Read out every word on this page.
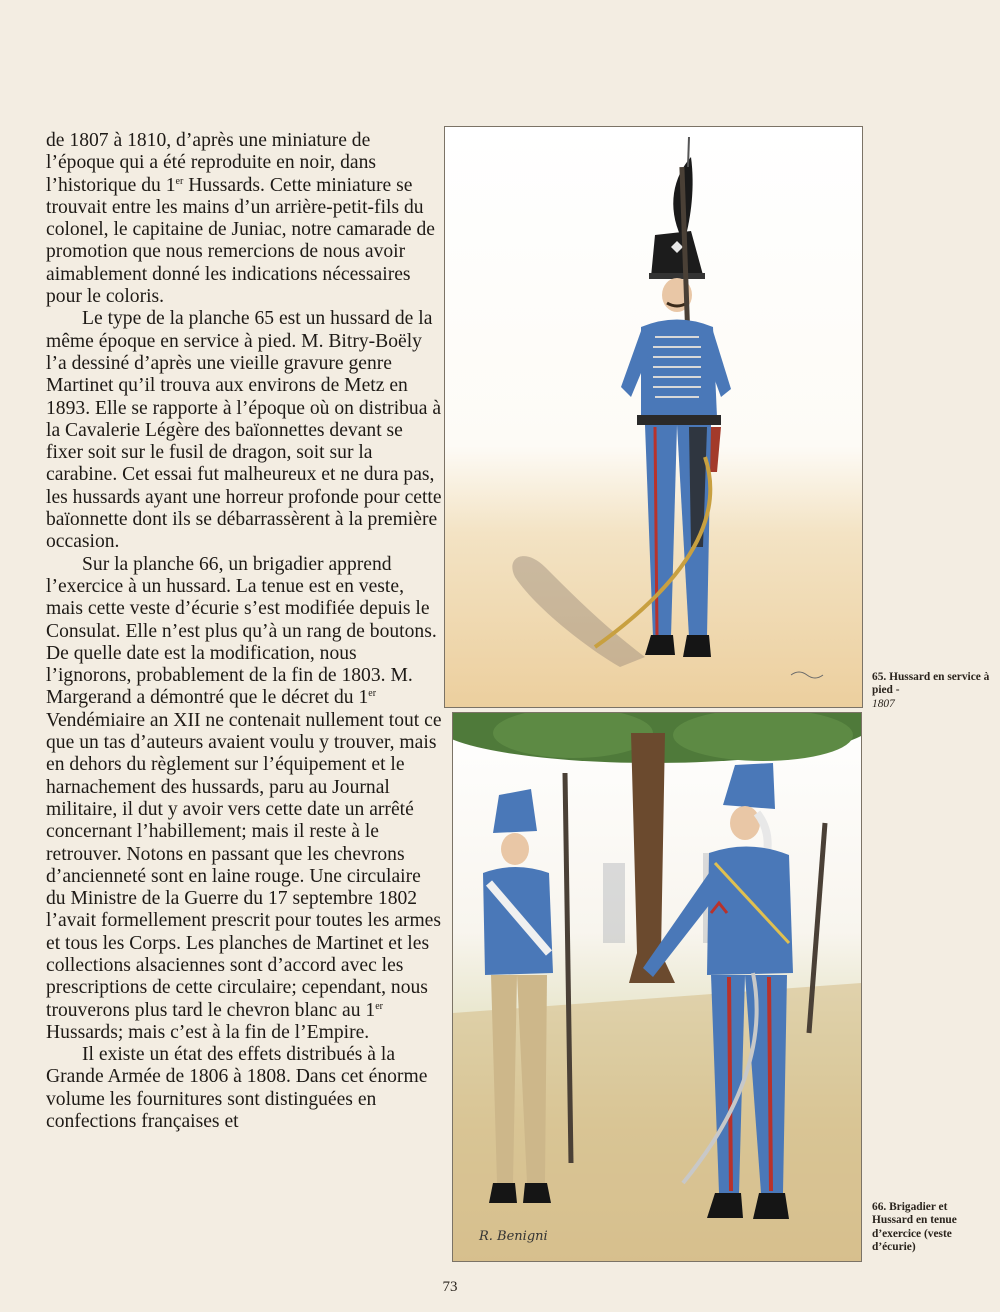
de 1807 à 1810, d’après une miniature de l’époque qui a été reproduite en noir, dans l’historique du 1er Hussards. Cette miniature se trouvait entre les mains d’un arrière-petit-fils du colonel, le capitaine de Juniac, notre camarade de promotion que nous remercions de nous avoir aimablement donné les indications nécessaires pour le coloris.

Le type de la planche 65 est un hussard de la même époque en service à pied. M. Bitry-Boëly l’a dessiné d’après une vieille gravure genre Martinet qu’il trouva aux environs de Metz en 1893. Elle se rapporte à l’époque où on distribua à la Cavalerie Légère des baïonnettes devant se fixer soit sur le fusil de dragon, soit sur la carabine. Cet essai fut malheureux et ne dura pas, les hussards ayant une horreur profonde pour cette baïonnette dont ils se débarrassèrent à la première occasion.

Sur la planche 66, un brigadier apprend l’exercice à un hussard. La tenue est en veste, mais cette veste d’écurie s’est modifiée depuis le Consulat. Elle n’est plus qu’à un rang de boutons. De quelle date est la modification, nous l’ignorons, probablement de la fin de 1803. M. Margerand a démontré que le décret du 1er Vendémiaire an XII ne contenait nullement tout ce que un tas d’auteurs avaient voulu y trouver, mais en dehors du règlement sur l’équipement et le harnachement des hussards, paru au Journal militaire, il dut y avoir vers cette date un arrêté concernant l’habillement; mais il reste à le retrouver. Notons en passant que les chevrons d’ancienneté sont en laine rouge. Une circulaire du Ministre de la Guerre du 17 septembre 1802 l’avait formellement prescrit pour toutes les armes et tous les Corps. Les planches de Martinet et les collections alsaciennes sont d’accord avec les prescriptions de cette circulaire; cependant, nous trouverons plus tard le chevron blanc au 1er Hussards; mais c’est à la fin de l’Empire.

Il existe un état des effets distribués à la Grande Armée de 1806 à 1808. Dans cet énorme volume les fournitures sont distinguées en confections françaises et

65. Hussard en service à pied -
1807
R. Benigni
66. Brigadier et Hussard en tenue d’exercice (veste d’écurie)
73
